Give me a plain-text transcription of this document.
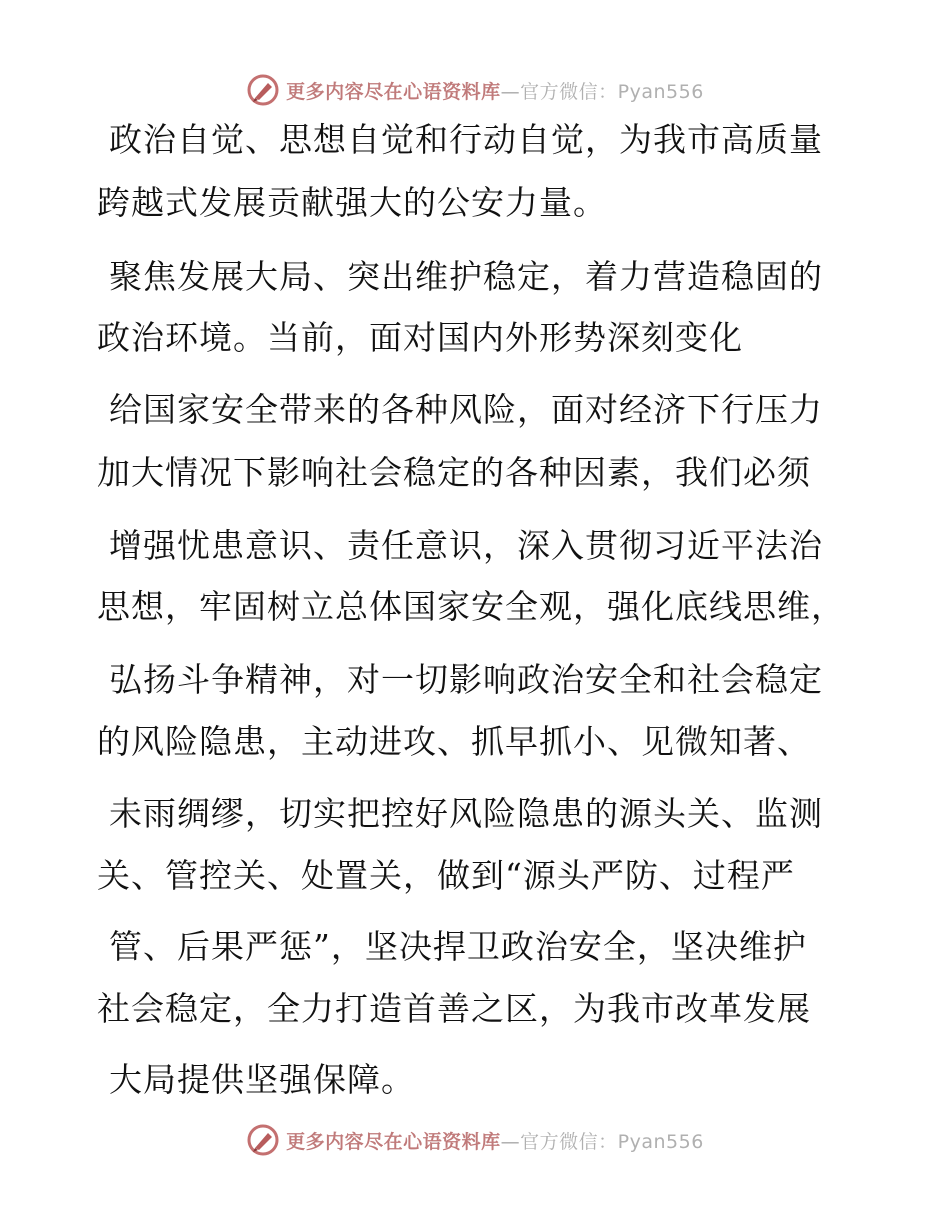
更多内容尽在心语资料库—官方微信：Pyan556
政治自觉、思想自觉和行动自觉，为我市高质量
跨越式发展贡献强大的公安力量。
聚焦发展大局、突出维护稳定，着力营造稳固的
政治环境。当前，面对国内外形势深刻变化
给国家安全带来的各种风险，面对经济下行压力
加大情况下影响社会稳定的各种因素，我们必须
增强忧患意识、责任意识，深入贯彻习近平法治
思想，牢固树立总体国家安全观，强化底线思维，
弘扬斗争精神，对一切影响政治安全和社会稳定
的风险隐患，主动进攻、抓早抓小、见微知著、
未雨绸缪，切实把控好风险隐患的源头关、监测
关、管控关、处置关，做到“源头严防、过程严
管、后果严惩”，坚决捍卫政治安全，坚决维护
社会稳定，全力打造首善之区，为我市改革发展
大局提供坚强保障。
更多内容尽在心语资料库—官方微信：Pyan556
